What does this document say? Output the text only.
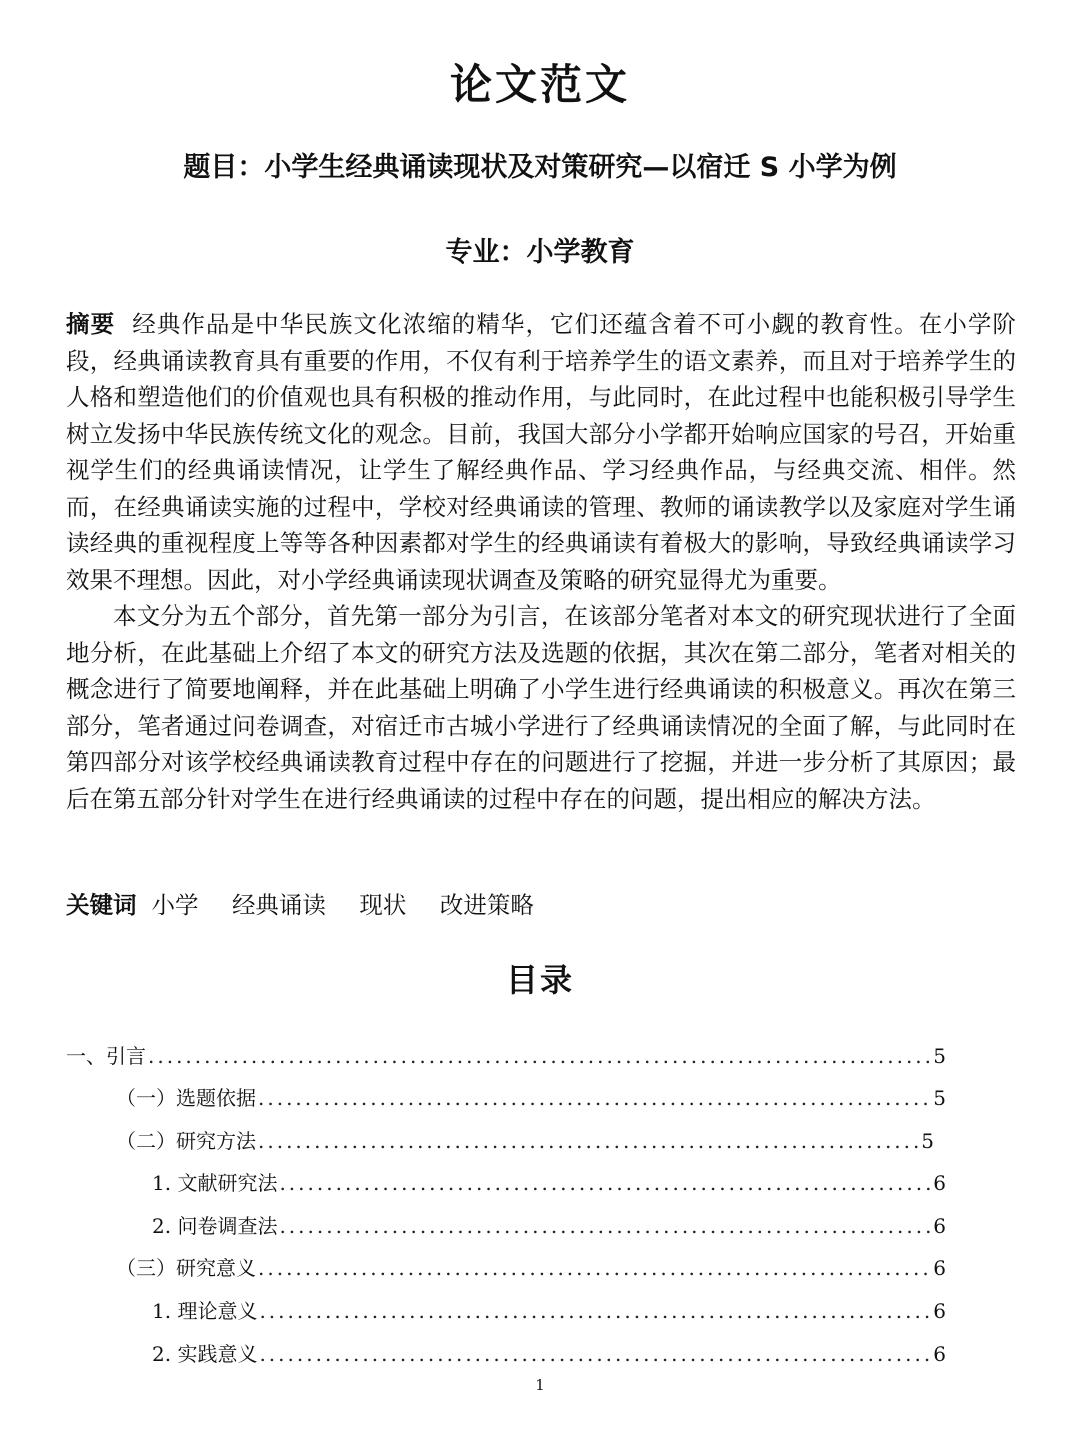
论文范文
题目：小学生经典诵读现状及对策研究—以宿迁 S 小学为例
专业：小学教育

摘要 经典作品是中华民族文化浓缩的精华，它们还蕴含着不可小觑的教育性。在小学阶段，经典诵读教育具有重要的作用，不仅有利于培养学生的语文素养，而且对于培养学生的人格和塑造他们的价值观也具有积极的推动作用，与此同时，在此过程中也能积极引导学生树立发扬中华民族传统文化的观念。目前，我国大部分小学都开始响应国家的号召，开始重视学生们的经典诵读情况，让学生了解经典作品、学习经典作品，与经典交流、相伴。然而，在经典诵读实施的过程中，学校对经典诵读的管理、教师的诵读教学以及家庭对学生诵读经典的重视程度上等等各种因素都对学生的经典诵读有着极大的影响，导致经典诵读学习效果不理想。因此，对小学经典诵读现状调查及策略的研究显得尤为重要。

本文分为五个部分，首先第一部分为引言，在该部分笔者对本文的研究现状进行了全面地分析，在此基础上介绍了本文的研究方法及选题的依据，其次在第二部分，笔者对相关的概念进行了简要地阐释，并在此基础上明确了小学生进行经典诵读的积极意义。再次在第三部分，笔者通过问卷调查，对宿迁市古城小学进行了经典诵读情况的全面了解，与此同时在第四部分对该学校经典诵读教育过程中存在的问题进行了挖掘，并进一步分析了其原因；最后在第五部分针对学生在进行经典诵读的过程中存在的问题，提出相应的解决方法。

关键词 小学 经典诵读 现状 改进策略
目录
一、引言 .....	5
（一）选题依据 .....	5
（二）研究方法 .....	5
1. 文献研究法 .....	6
2. 问卷调查法 .....	6
（三）研究意义 .....	6
1. 理论意义 .....	6
2. 实践意义 .....	6
1
